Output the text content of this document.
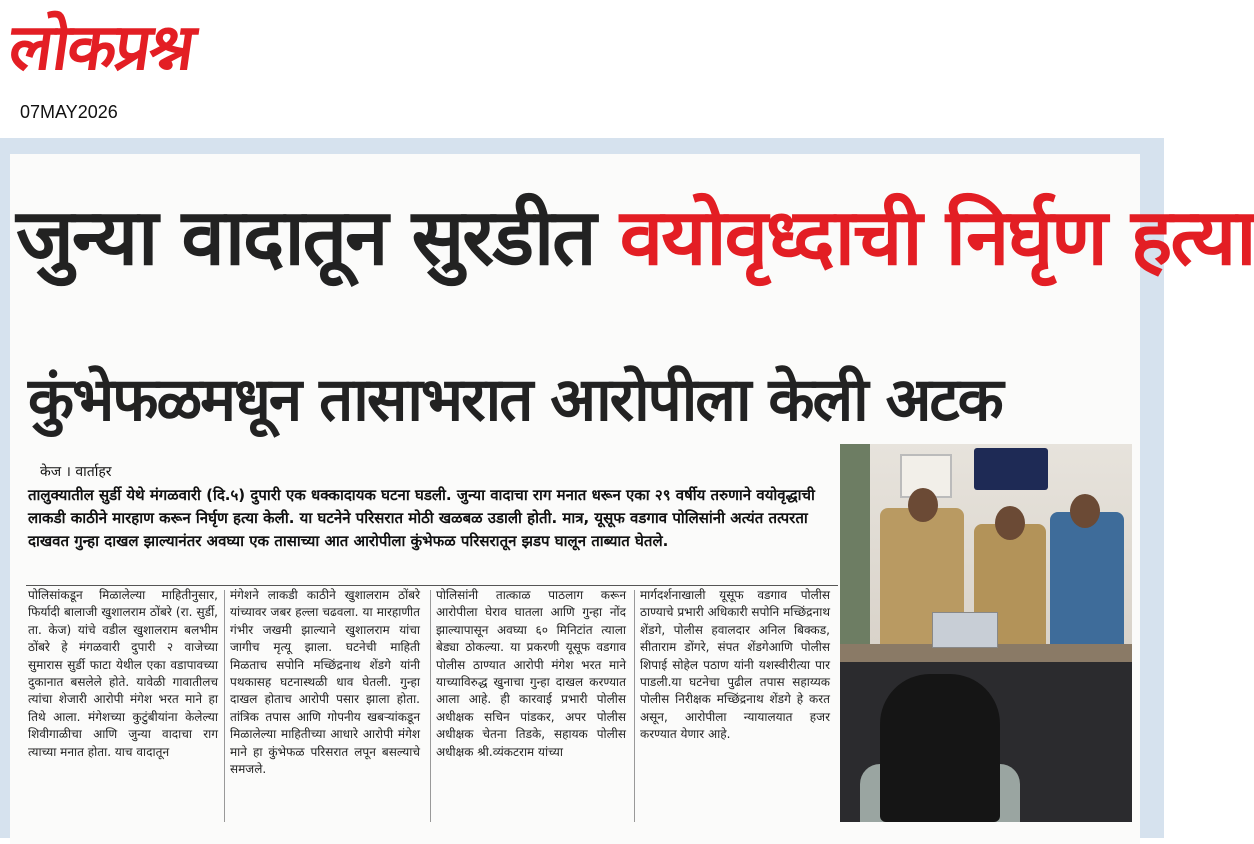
लोकप्रश्न
07MAY2026
जुन्या वादातून सुरडीत वयोवृध्दाची निर्घृण हत्या
कुंभेफळमधून तासाभरात आरोपीला केली अटक
केज । वार्ताहर
तालुक्यातील सुर्डी येथे मंगळवारी (दि.५) दुपारी एक धक्कादायक घटना घडली. जुन्या वादाचा राग मनात धरून एका २९ वर्षीय तरुणाने वयोवृद्धाची लाकडी काठीने मारहाण करून निर्घृण हत्या केली. या घटनेने परिसरात मोठी खळबळ उडाली होती. मात्र, यूसूफ वडगाव पोलिसांनी अत्यंत तत्परता दाखवत गुन्हा दाखल झाल्यानंतर अवघ्या एक तासाच्या आत आरोपीला कुंभेफळ परिसरातून झडप घालून ताब्यात घेतले.
पोलिसांकडून मिळालेल्या माहितीनुसार, फिर्यादी बालाजी खुशालराम ठोंबरे (रा. सुर्डी, ता. केज) यांचे वडील खुशालराम बलभीम ठोंबरे हे मंगळवारी दुपारी २ वाजेच्या सुमारास सुर्डी फाटा येथील एका वडापावच्या दुकानात बसलेले होते. यावेळी गावातीलच त्यांचा शेजारी आरोपी मंगेश भरत माने हा तिथे आला. मंगेशच्या कुटुंबीयांना केलेल्या शिवीगाळीचा आणि जुन्या वादाचा राग त्याच्या मनात होता. याच वादातून
मंगेशने लाकडी काठीने खुशालराम ठोंबरे यांच्यावर जबर हल्ला चढवला. या मारहाणीत गंभीर जखमी झाल्याने खुशालराम यांचा जागीच मृत्यू झाला. घटनेची माहिती मिळताच सपोनि मच्छिंद्रनाथ शेंडगे यांनी पथकासह घटनास्थळी धाव घेतली. गुन्हा दाखल होताच आरोपी पसार झाला होता. तांत्रिक तपास आणि गोपनीय खबऱ्यांकडून मिळालेल्या माहितीच्या आधारे आरोपी मंगेश माने हा कुंभेफळ परिसरात लपून बसल्याचे समजले.
पोलिसांनी तात्काळ पाठलाग करून आरोपीला घेराव घातला आणि गुन्हा नोंद झाल्यापासून अवघ्या ६० मिनिटांत त्याला बेड्या ठोकल्या. या प्रकरणी यूसूफ वडगाव पोलीस ठाण्यात आरोपी मंगेश भरत माने याच्याविरुद्ध खुनाचा गुन्हा दाखल करण्यात आला आहे. ही कारवाई प्रभारी पोलीस अधीक्षक सचिन पांडकर, अपर पोलीस अधीक्षक चेतना तिडके, सहायक पोलीस अधीक्षक श्री.व्यंकटराम यांच्या
मार्गदर्शनाखाली यूसूफ वडगाव पोलीस ठाण्याचे प्रभारी अधिकारी सपोनि मच्छिंद्रनाथ शेंडगे, पोलीस हवालदार अनिल बिक्कड, सीताराम डोंगरे, संपत शेंडगेआणि पोलीस शिपाई सोहेल पठाण यांनी यशस्वीरीत्या पार पाडली.या घटनेचा पुढील तपास सहाय्यक पोलीस निरीक्षक मच्छिंद्रनाथ शेंडगे हे करत असून, आरोपीला न्यायालयात हजर करण्यात येणार आहे.
